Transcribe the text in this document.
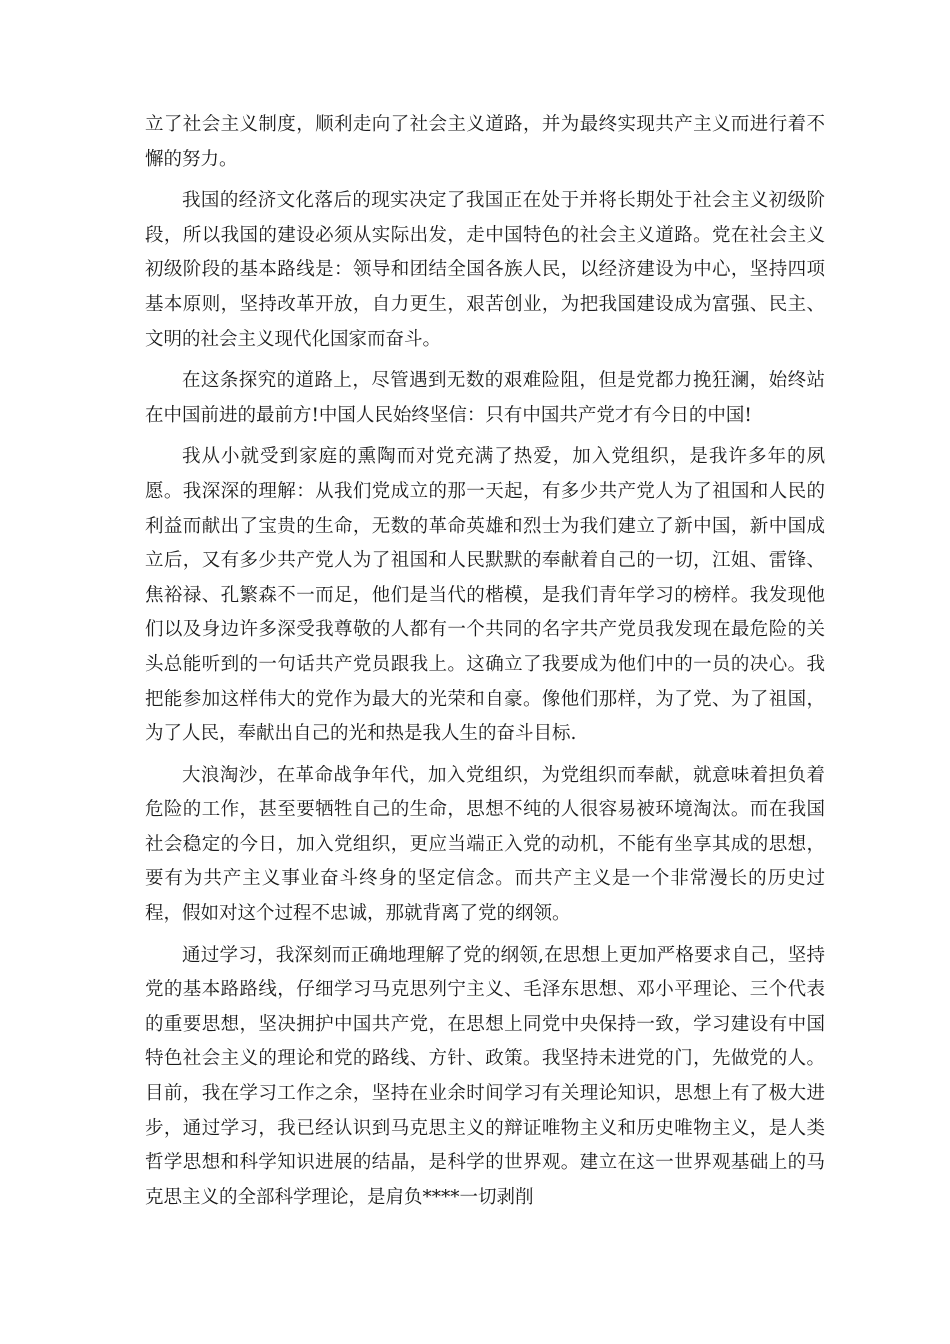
立了社会主义制度，顺利走向了社会主义道路，并为最终实现共产主义而进行着不懈的努力。

我国的经济文化落后的现实决定了我国正在处于并将长期处于社会主义初级阶段，所以我国的建设必须从实际出发，走中国特色的社会主义道路。党在社会主义初级阶段的基本路线是：领导和团结全国各族人民，以经济建设为中心，坚持四项基本原则，坚持改革开放，自力更生，艰苦创业，为把我国建设成为富强、民主、文明的社会主义现代化国家而奋斗。

在这条探究的道路上，尽管遇到无数的艰难险阻，但是党都力挽狂澜，始终站在中国前进的最前方!中国人民始终坚信：只有中国共产党才有今日的中国!

我从小就受到家庭的熏陶而对党充满了热爱，加入党组织，是我许多年的夙愿。我深深的理解：从我们党成立的那一天起，有多少共产党人为了祖国和人民的利益而献出了宝贵的生命，无数的革命英雄和烈士为我们建立了新中国，新中国成立后，又有多少共产党人为了祖国和人民默默的奉献着自己的一切，江姐、雷锋、焦裕禄、孔繁森不一而足，他们是当代的楷模，是我们青年学习的榜样。我发现他们以及身边许多深受我尊敬的人都有一个共同的名字共产党员我发现在最危险的关头总能听到的一句话共产党员跟我上。这确立了我要成为他们中的一员的决心。我把能参加这样伟大的党作为最大的光荣和自豪。像他们那样，为了党、为了祖国，为了人民，奉献出自己的光和热是我人生的奋斗目标.

大浪淘沙，在革命战争年代，加入党组织，为党组织而奉献，就意味着担负着危险的工作，甚至要牺牲自己的生命，思想不纯的人很容易被环境淘汰。而在我国社会稳定的今日，加入党组织，更应当端正入党的动机，不能有坐享其成的思想，要有为共产主义事业奋斗终身的坚定信念。而共产主义是一个非常漫长的历史过程，假如对这个过程不忠诚，那就背离了党的纲领。

通过学习，我深刻而正确地理解了党的纲领,在思想上更加严格要求自己，坚持党的基本路路线，仔细学习马克思列宁主义、毛泽东思想、邓小平理论、三个代表的重要思想，坚决拥护中国共产党，在思想上同党中央保持一致，学习建设有中国特色社会主义的理论和党的路线、方针、政策。我坚持未进党的门，先做党的人。目前，我在学习工作之余，坚持在业余时间学习有关理论知识，思想上有了极大进步，通过学习，我已经认识到马克思主义的辩证唯物主义和历史唯物主义，是人类哲学思想和科学知识进展的结晶，是科学的世界观。建立在这一世界观基础上的马克思主义的全部科学理论，是肩负****一切剥削
